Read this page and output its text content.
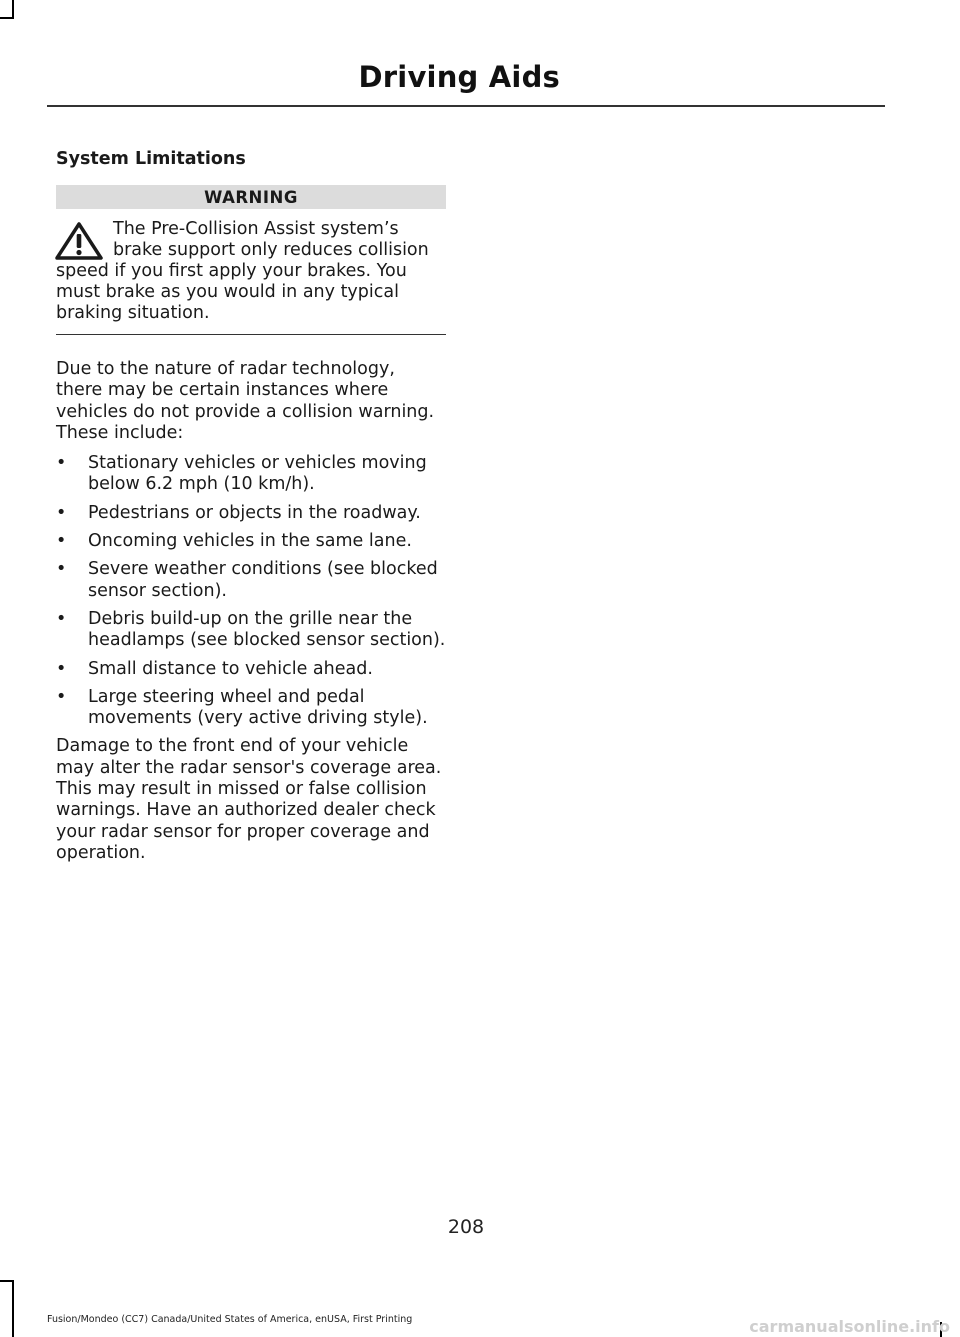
Driving Aids
System Limitations
WARNING
The Pre-Collision Assist system’s brake support only reduces collision speed if you first apply your brakes. You must brake as you would in any typical braking situation.

Due to the nature of radar technology, there may be certain instances where vehicles do not provide a collision warning. These include:

• Stationary vehicles or vehicles moving below 6.2 mph (10 km/h).
• Pedestrians or objects in the roadway.
• Oncoming vehicles in the same lane.
• Severe weather conditions (see blocked sensor section).
• Debris build-up on the grille near the headlamps (see blocked sensor section).
• Small distance to vehicle ahead.
• Large steering wheel and pedal movements (very active driving style).

Damage to the front end of your vehicle may alter the radar sensor's coverage area. This may result in missed or false collision warnings. Have an authorized dealer check your radar sensor for proper coverage and operation.

208
Fusion/Mondeo (CC7) Canada/United States of America, enUSA, First Printing	carmanualsonline.info
